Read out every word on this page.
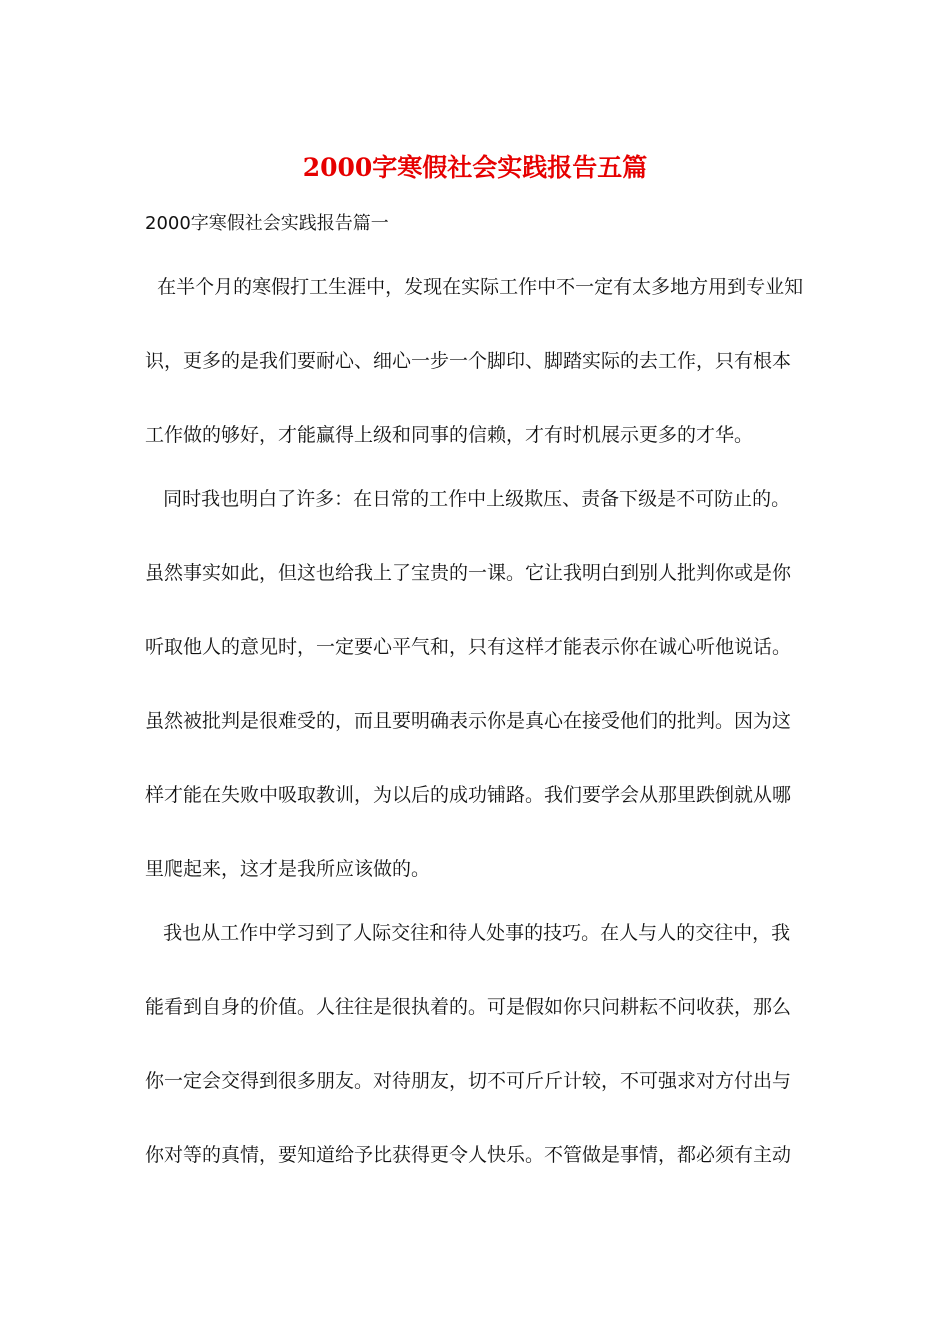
2000字寒假社会实践报告五篇

2000字寒假社会实践报告篇一

在半个月的寒假打工生涯中，发现在实际工作中不一定有太多地方用到专业知

识，更多的是我们要耐心、细心一步一个脚印、脚踏实际的去工作，只有根本

工作做的够好，才能赢得上级和同事的信赖，才有时机展示更多的才华。

同时我也明白了许多：在日常的工作中上级欺压、责备下级是不可防止的。

虽然事实如此，但这也给我上了宝贵的一课。它让我明白到别人批判你或是你

听取他人的意见时，一定要心平气和，只有这样才能表示你在诚心听他说话。

虽然被批判是很难受的，而且要明确表示你是真心在接受他们的批判。因为这

样才能在失败中吸取教训，为以后的成功铺路。我们要学会从那里跌倒就从哪

里爬起来，这才是我所应该做的。

我也从工作中学习到了人际交往和待人处事的技巧。在人与人的交往中，我

能看到自身的价值。人往往是很执着的。可是假如你只问耕耘不问收获，那么

你一定会交得到很多朋友。对待朋友，切不可斤斤计较，不可强求对方付出与

你对等的真情，要知道给予比获得更令人快乐。不管做是事情，都必须有主动
